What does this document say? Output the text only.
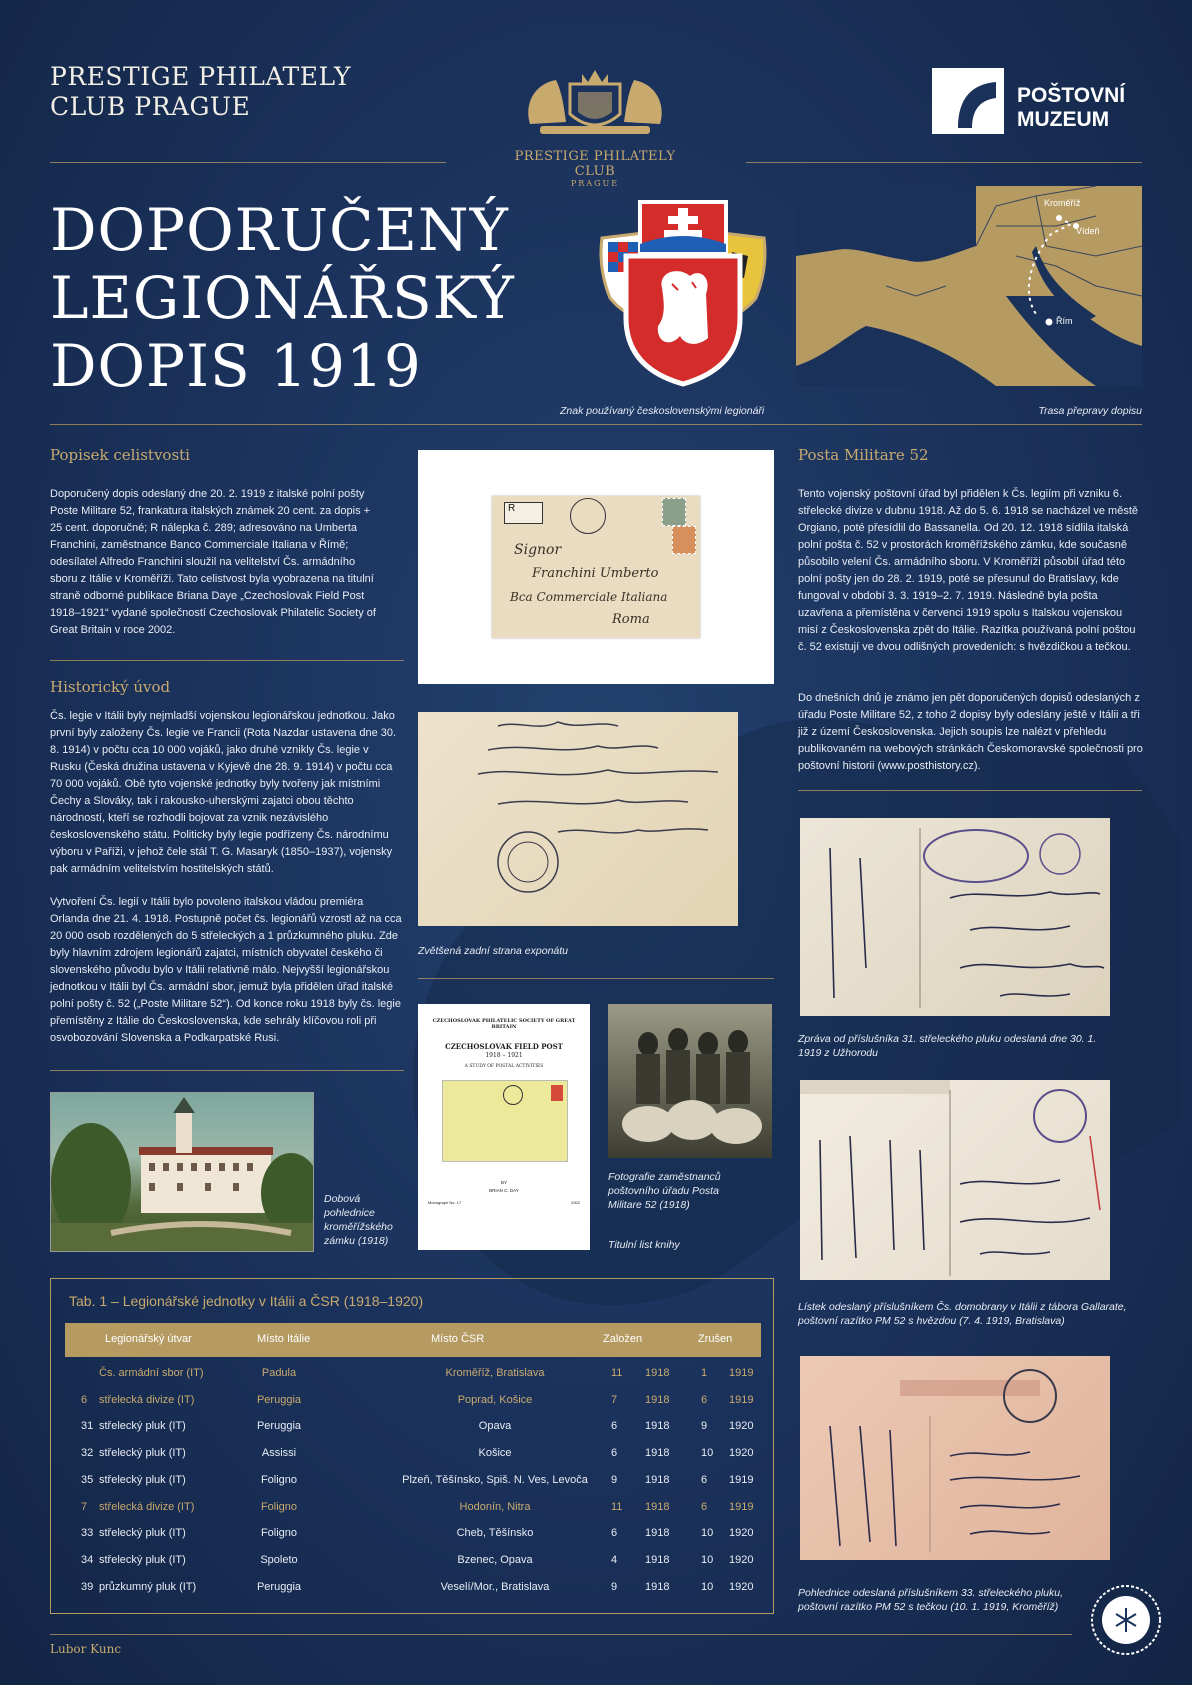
PRESTIGE PHILATELY
CLUB PRAGUE
PRESTIGE PHILATELY CLUB
PRAGUE
POŠTOVNÍ
MUZEUM
DOPORUČENÝ
LEGIONÁŘSKÝ
DOPIS 1919
Znak používaný československými legionáři
Kroměříž
Vídeň
Řím
Trasa přepravy dopisu
Popisek celistvosti
Doporučený dopis odeslaný dne 20. 2. 1919 z italské polní pošty Poste Militare 52, frankatura italských známek 20 cent. za dopis + 25 cent. doporučné; R nálepka č. 289; adresováno na Umberta Franchini, zaměstnance Banco Commerciale Italiana v Římě; odesílatel Alfredo Franchini sloužil na velitelství Čs. armádního sboru z Itálie v Kroměříži. Tato celistvost byla vyobrazena na titulní straně odborné publikace Briana Daye „Czechoslovak Field Post 1918–1921“ vydané společností Czechoslovak Philatelic Society of Great Britain v roce 2002.
Historický úvod
Čs. legie v Itálii byly nejmladší vojenskou legionářskou jednotkou. Jako první byly založeny Čs. legie ve Francii (Rota Nazdar ustavena dne 30. 8. 1914) v počtu cca 10 000 vojáků, jako druhé vznikly Čs. legie v Rusku (Česká družina ustavena v Kyjevě dne 28. 9. 1914) v počtu cca 70 000 vojáků. Obě tyto vojenské jednotky byly tvořeny jak místními Čechy a Slováky, tak i rakousko-uherskými zajatci obou těchto národností, kteří se rozhodli bojovat za vznik nezávislého československého státu. Politicky byly legie podřízeny Čs. národnímu výboru v Paříži, v jehož čele stál T. G. Masaryk (1850–1937), vojensky pak armádním velitelstvím hostitelských států.
Vytvoření Čs. legií v Itálii bylo povoleno italskou vládou premiéra Orlanda dne 21. 4. 1918. Postupně počet čs. legionářů vzrostl až na cca 20 000 osob rozdělených do 5 střeleckých a 1 průzkumného pluku. Zde byly hlavním zdrojem legionářů zajatci, místních obyvatel českého či slovenského původu bylo v Itálii relativně málo. Nejvyšší legionářskou jednotkou v Itálii byl Čs. armádní sbor, jemuž byla přidělen úřad italské polní pošty č. 52 („Poste Militare 52“). Od konce roku 1918 byly čs. legie přemístěny z Itálie do Československa, kde sehrály klíčovou roli při osvobozování Slovenska a Podkarpatské Rusi.
Dobová pohlednice kroměřížského zámku (1918)
R
Signor
Franchini Umberto
Bca Commerciale Italiana
Roma
Zvětšená zadní strana exponátu
CZECHOSLOVAK PHILATELIC SOCIETY OF GREAT BRITAIN
CZECHOSLOVAK FIELD POST
1918 – 1921
A STUDY OF POSTAL ACTIVITIES
BY
BRIAN C. DAY
Monograph No. 17	2002
Titulní list knihy
Fotografie zaměstnanců poštovního úřadu Posta Militare 52 (1918)
Posta Militare 52
Tento vojenský poštovní úřad byl přidělen k Čs. legiím při vzniku 6. střelecké divize v dubnu 1918. Až do 5. 6. 1918 se nacházel ve městě Orgiano, poté přesídlil do Bassanella. Od 20. 12. 1918 sídlila italská polní pošta č. 52 v prostorách kroměřížského zámku, kde současně působilo velení Čs. armádního sboru. V Kroměříži působil úřad této polní pošty jen do 28. 2. 1919, poté se přesunul do Bratislavy, kde fungoval v období 3. 3. 1919–2. 7. 1919. Následně byla pošta uzavřena a přemístěna v červenci 1919 spolu s Italskou vojenskou misí z Československa zpět do Itálie. Razítka používaná polní poštou č. 52 existují ve dvou odlišných provedeních: s hvězdičkou a tečkou.
Do dnešních dnů je známo jen pět doporučených dopisů odeslaných z úřadu Poste Militare 52, z toho 2 dopisy byly odeslány ještě v Itálii a tři již z území Československa. Jejich soupis lze nalézt v přehledu publikovaném na webových stránkách Českomoravské společnosti pro poštovní historii (www.posthistory.cz).
Zpráva od příslušníka 31. střeleckého pluku odeslaná dne 30. 1. 1919 z Užhorodu
Lístek odeslaný příslušníkem Čs. domobrany v Itálii z tábora Gallarate, poštovní razítko PM 52 s hvězdou (7. 4. 1919, Bratislava)
Pohlednice odeslaná příslušníkem 33. střeleckého pluku, poštovní razítko PM 52 s tečkou (10. 1. 1919, Kroměříž)
Tab. 1 – Legionářské jednotky v Itálii a ČSR (1918–1920)
Legionářský útvar	Místo Itálie	Místo ČSR	Založen	Zrušen
Čs. armádní sbor (IT)	Padula	Kroměříž, Bratislava	11 1918	1 1919
6 střelecká divize (IT)	Peruggia	Poprad, Košice	7	1918	6 1919
31 střelecký pluk (IT)	Peruggia	Opava	6	1918	9 1920
32 střelecký pluk (IT)	Assissi	Košice	6	1918	10 1920
35 střelecký pluk (IT)	Foligno	Plzeň, Těšínsko, Spiš. N. Ves, Levoča	9	1918	6 1919
7 střelecká divize (IT)	Foligno	Hodonín, Nitra	11 1918	6 1919
33 střelecký pluk (IT)	Foligno	Cheb, Těšínsko	6	1918	10 1920
34 střelecký pluk (IT)	Spoleto	Bzenec, Opava	4	1918	10 1920
39 průzkumný pluk (IT)	Peruggia	Veselí/Mor., Bratislava	9	1918	10 1920
Lubor Kunc
